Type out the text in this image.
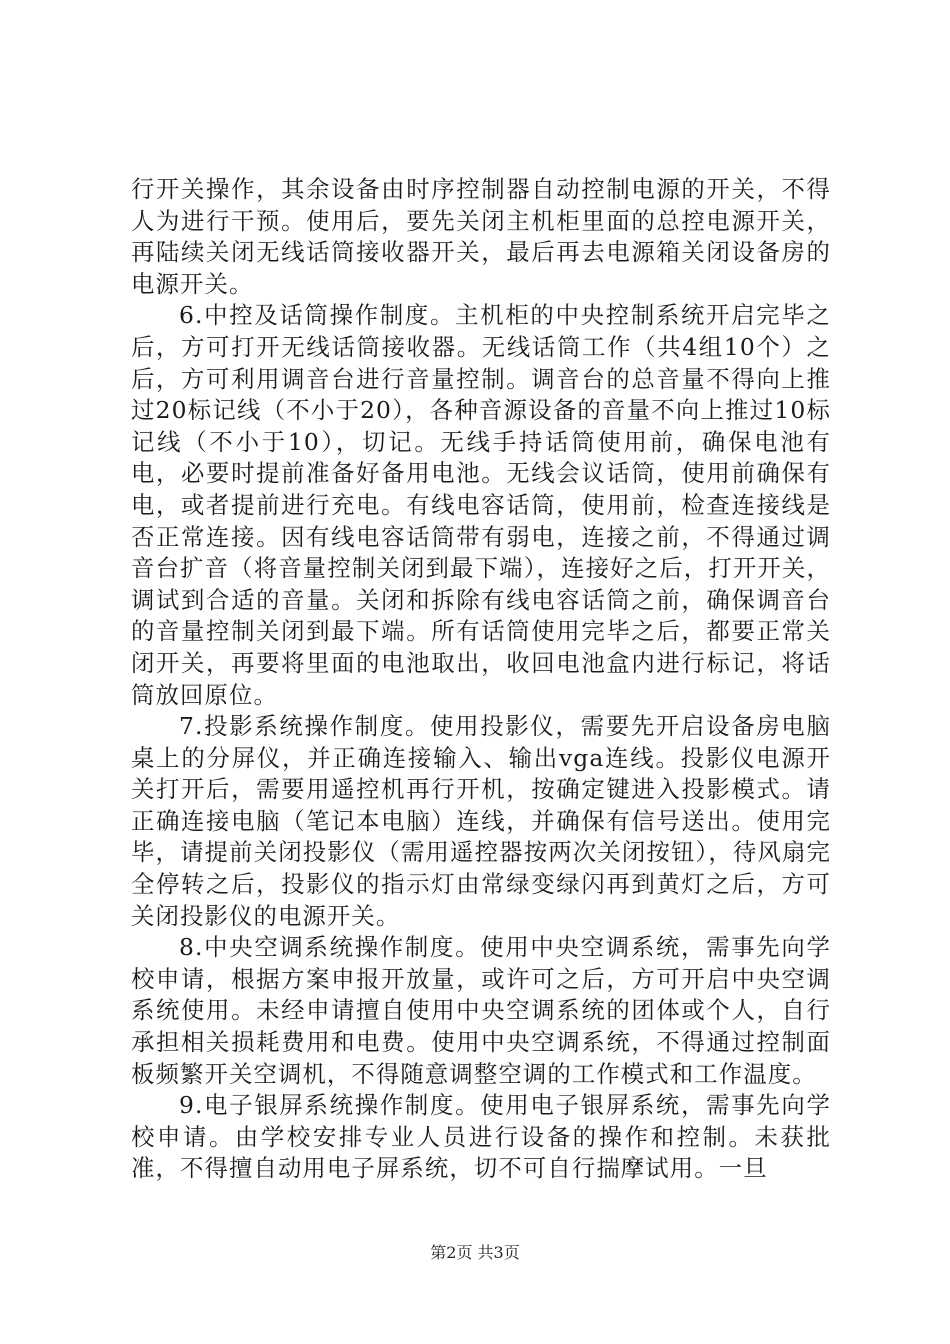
行开关操作，其余设备由时序控制器自动控制电源的开关，不得人为进行干预。使用后，要先关闭主机柜里面的总控电源开关，再陆续关闭无线话筒接收器开关，最后再去电源箱关闭设备房的电源开关。

6.中控及话筒操作制度。主机柜的中央控制系统开启完毕之后，方可打开无线话筒接收器。无线话筒工作（共4组10个）之后，方可利用调音台进行音量控制。调音台的总音量不得向上推过20标记线（不小于20），各种音源设备的音量不向上推过10标记线（不小于10），切记。无线手持话筒使用前，确保电池有电，必要时提前准备好备用电池。无线会议话筒，使用前确保有电，或者提前进行充电。有线电容话筒，使用前，检查连接线是否正常连接。因有线电容话筒带有弱电，连接之前，不得通过调音台扩音（将音量控制关闭到最下端），连接好之后，打开开关，调试到合适的音量。关闭和拆除有线电容话筒之前，确保调音台的音量控制关闭到最下端。所有话筒使用完毕之后，都要正常关闭开关，再要将里面的电池取出，收回电池盒内进行标记，将话筒放回原位。

7.投影系统操作制度。使用投影仪，需要先开启设备房电脑桌上的分屏仪，并正确连接输入、输出vga连线。投影仪电源开关打开后，需要用遥控机再行开机，按确定键进入投影模式。请正确连接电脑（笔记本电脑）连线，并确保有信号送出。使用完毕，请提前关闭投影仪（需用遥控器按两次关闭按钮），待风扇完全停转之后，投影仪的指示灯由常绿变绿闪再到黄灯之后，方可关闭投影仪的电源开关。

8.中央空调系统操作制度。使用中央空调系统，需事先向学校申请，根据方案申报开放量，或许可之后，方可开启中央空调系统使用。未经申请擅自使用中央空调系统的团体或个人，自行承担相关损耗费用和电费。使用中央空调系统，不得通过控制面板频繁开关空调机，不得随意调整空调的工作模式和工作温度。

9.电子银屏系统操作制度。使用电子银屏系统，需事先向学校申请。由学校安排专业人员进行设备的操作和控制。未获批准，不得擅自动用电子屏系统，切不可自行揣摩试用。一旦

第2页 共3页
